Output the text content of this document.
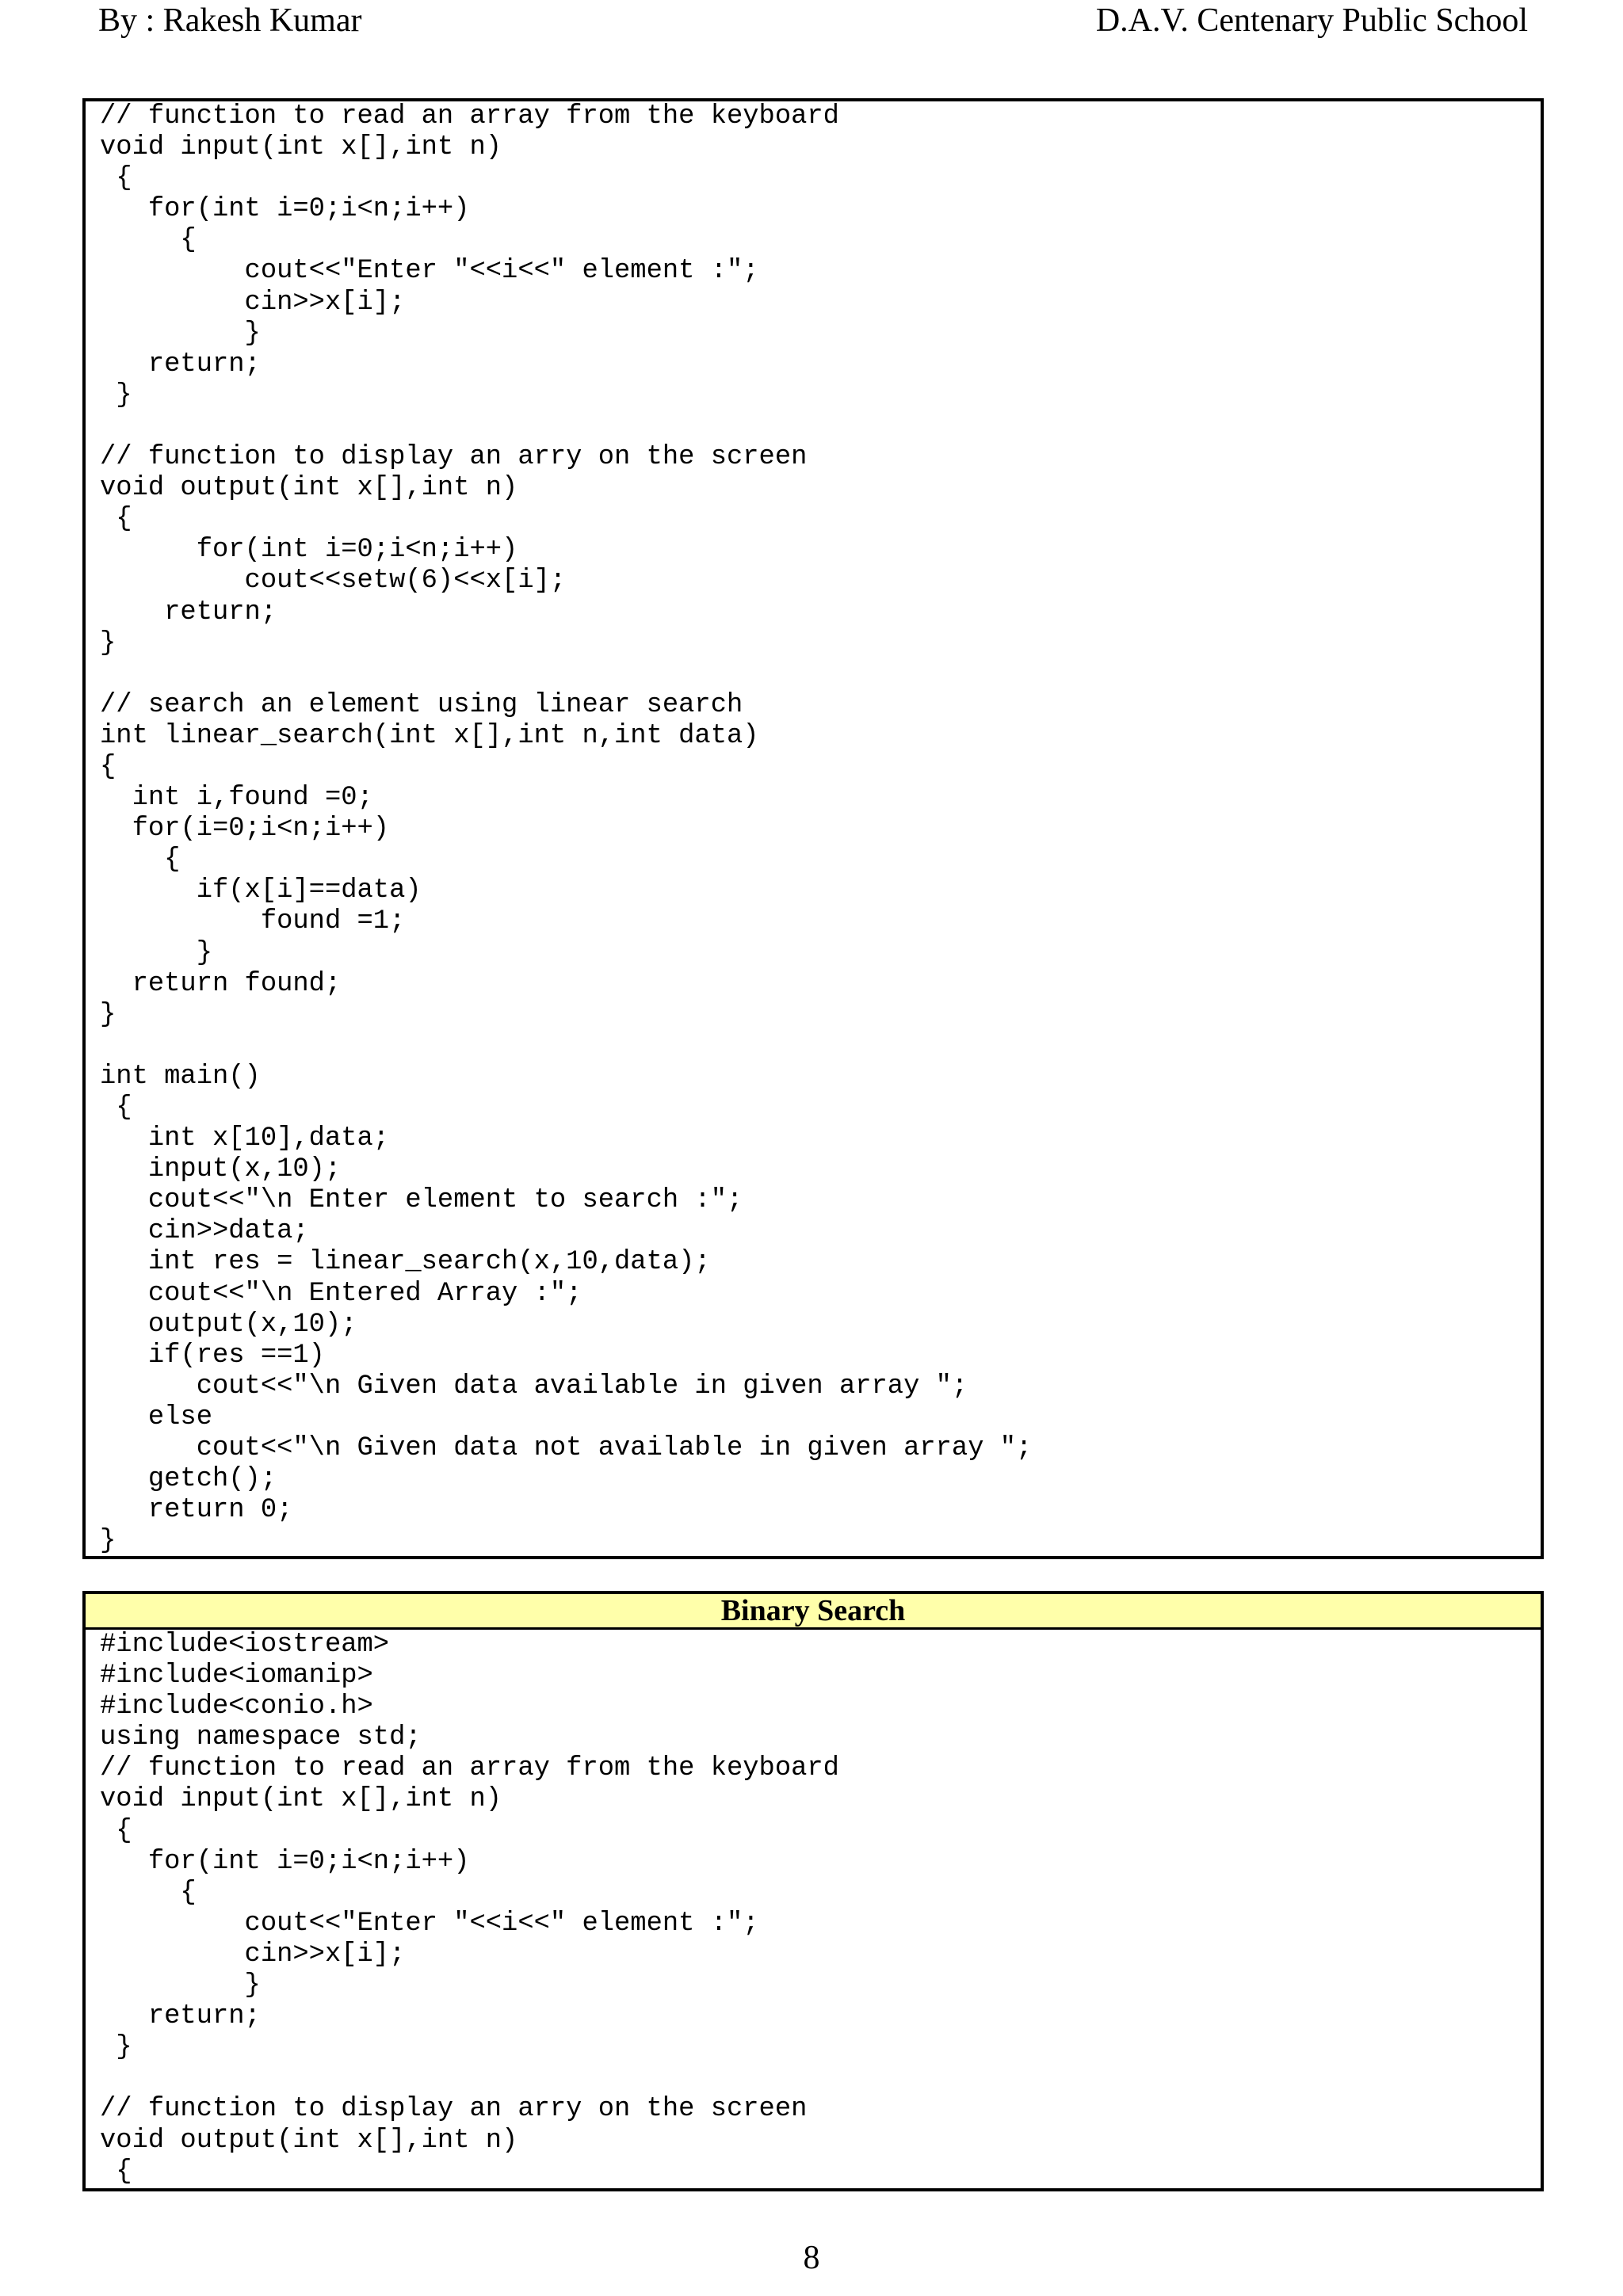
By : Rakesh Kumar	D.A.V. Centenary Public School
// function to read an array from the keyboard
void input(int x[],int n)
{
for(int i=0;i<n;i++)
{
cout<<"Enter "<<i<<" element :";
cin>>x[i];
}
return;
}

// function to display an arry on the screen
void output(int x[],int n)
{
for(int i=0;i<n;i++)
cout<<setw(6)<<x[i];
return;
}

// search an element using linear search
int linear_search(int x[],int n,int data)
{
int i,found =0;
for(i=0;i<n;i++)
{
if(x[i]==data)
found =1;
}
return found;
}

int main()
{
int x[10],data;
input(x,10);
cout<<"\n Enter element to search :";
cin>>data;
int res = linear_search(x,10,data);
cout<<"\n Entered Array :";
output(x,10);
if(res ==1)
cout<<"\n Given data available in given array ";
else
cout<<"\n Given data not available in given array ";
getch();
return 0;
}
Binary Search
#include<iostream>
#include<iomanip>
#include<conio.h>
using namespace std;
// function to read an array from the keyboard
void input(int x[],int n)
{
for(int i=0;i<n;i++)
{
cout<<"Enter "<<i<<" element :";
cin>>x[i];
}
return;
}

// function to display an arry on the screen
void output(int x[],int n)
{
8
